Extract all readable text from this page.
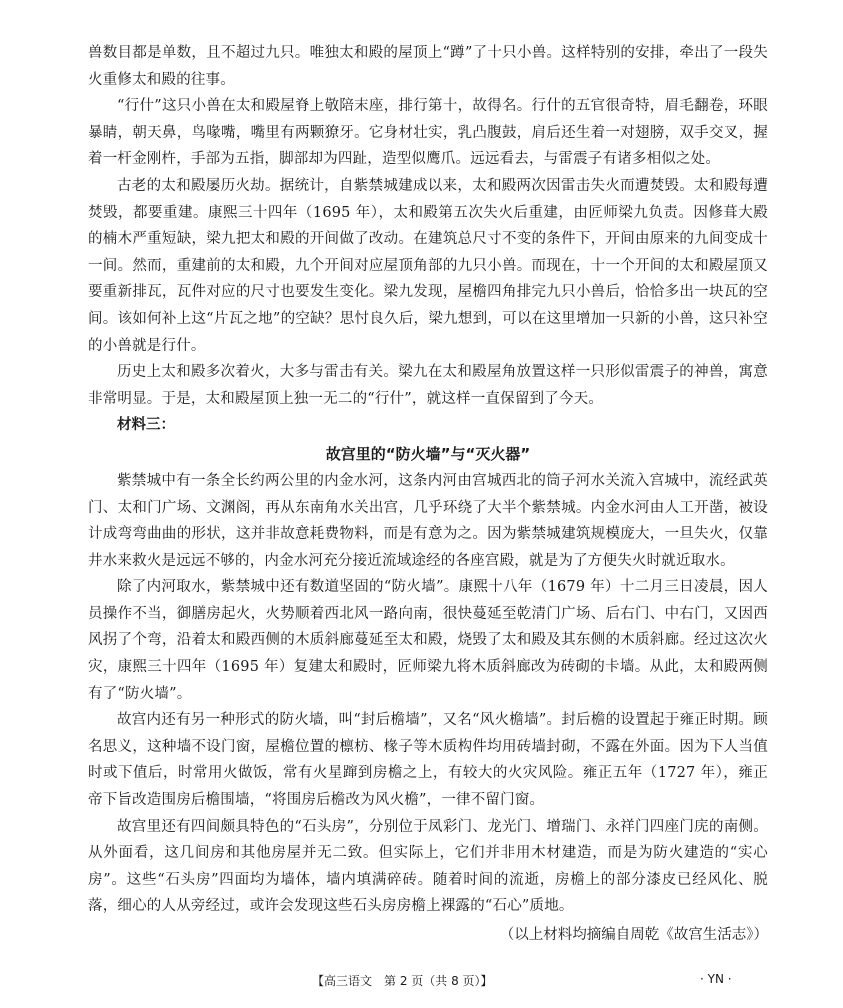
兽数目都是单数，且不超过九只。唯独太和殿的屋顶上“蹲”了十只小兽。这样特别的安排，牵出了一段失火重修太和殿的往事。

“行什”这只小兽在太和殿屋脊上敬陪末座，排行第十，故得名。行什的五官很奇特，眉毛翻卷，环眼暴睛，朝天鼻，鸟喙嘴，嘴里有两颗獠牙。它身材壮实，乳凸腹鼓，肩后还生着一对翅膀，双手交叉，握着一杆金刚杵，手部为五指，脚部却为四趾，造型似鹰爪。远远看去，与雷震子有诸多相似之处。

古老的太和殿屡历火劫。据统计，自紫禁城建成以来，太和殿两次因雷击失火而遭焚毁。太和殿每遭焚毁，都要重建。康熙三十四年（1695 年），太和殿第五次失火后重建，由匠师梁九负责。因修葺大殿的楠木严重短缺，梁九把太和殿的开间做了改动。在建筑总尺寸不变的条件下，开间由原来的九间变成十一间。然而，重建前的太和殿，九个开间对应屋顶角部的九只小兽。而现在，十一个开间的太和殿屋顶又要重新排瓦，瓦件对应的尺寸也要发生变化。梁九发现，屋檐四角排完九只小兽后，恰恰多出一块瓦的空间。该如何补上这“片瓦之地”的空缺？思忖良久后，梁九想到，可以在这里增加一只新的小兽，这只补空的小兽就是行什。

历史上太和殿多次着火，大多与雷击有关。梁九在太和殿屋角放置这样一只形似雷震子的神兽，寓意非常明显。于是，太和殿屋顶上独一无二的“行什”，就这样一直保留到了今天。

材料三：
故宫里的“防火墙”与“灭火器”

紫禁城中有一条全长约两公里的内金水河，这条内河由宫城西北的筒子河水关流入宫城中，流经武英门、太和门广场、文渊阁，再从东南角水关出宫，几乎环绕了大半个紫禁城。内金水河由人工开凿，被设计成弯弯曲曲的形状，这并非故意耗费物料，而是有意为之。因为紫禁城建筑规模庞大，一旦失火，仅靠井水来救火是远远不够的，内金水河充分接近流域途经的各座宫殿，就是为了方便失火时就近取水。

除了内河取水，紫禁城中还有数道坚固的“防火墙”。康熙十八年（1679 年）十二月三日凌晨，因人员操作不当，御膳房起火，火势顺着西北风一路向南，很快蔓延至乾清门广场、后右门、中右门，又因西风拐了个弯，沿着太和殿西侧的木质斜廊蔓延至太和殿，烧毁了太和殿及其东侧的木质斜廊。经过这次火灾，康熙三十四年（1695 年）复建太和殿时，匠师梁九将木质斜廊改为砖砌的卡墙。从此，太和殿两侧有了“防火墙”。

故宫内还有另一种形式的防火墙，叫“封后檐墙”，又名“风火檐墙”。封后檐的设置起于雍正时期。顾名思义，这种墙不设门窗，屋檐位置的檩枋、椽子等木质构件均用砖墙封砌，不露在外面。因为下人当值时或下值后，时常用火做饭，常有火星蹿到房檐之上，有较大的火灾风险。雍正五年（1727 年），雍正帝下旨改造围房后檐围墙，“将围房后檐改为风火檐”，一律不留门窗。

故宫里还有四间颇具特色的“石头房”，分别位于凤彩门、龙光门、增瑞门、永祥门四座门庑的南侧。从外面看，这几间房和其他房屋并无二致。但实际上，它们并非用木材建造，而是为防火建造的“实心房”。这些“石头房”四面均为墙体，墙内填满碎砖。随着时间的流逝，房檐上的部分漆皮已经风化、脱落，细心的人从旁经过，或许会发现这些石头房房檐上裸露的“石心”质地。

（以上材料均摘编自周乾《故宫生活志》）
【高三语文　第 2 页（共 8 页）】	· YN ·
